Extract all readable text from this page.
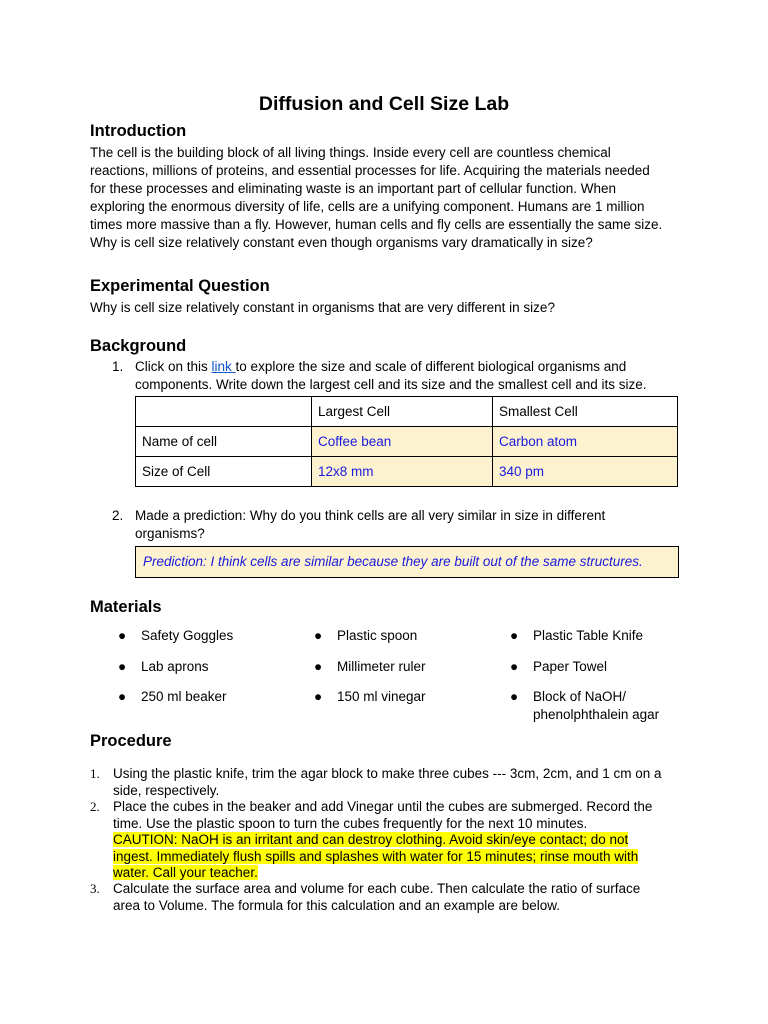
Diffusion and Cell Size Lab
Introduction
The cell is the building block of all living things. Inside every cell are countless chemical
reactions, millions of proteins, and essential processes for life. Acquiring the materials needed
for these processes and eliminating waste is an important part of cellular function. When
exploring the enormous diversity of life, cells are a unifying component. Humans are 1 million
times more massive than a fly. However, human cells and fly cells are essentially the same size.
Why is cell size relatively constant even though organisms vary dramatically in size?
Experimental Question
Why is cell size relatively constant in organisms that are very different in size?
Background
1. Click on this link to explore the size and scale of different biological organisms and
components. Write down the largest cell and its size and the smallest cell and its size.
	Largest Cell	Smallest Cell
Name of cell	Coffee bean	Carbon atom
Size of Cell	12x8 mm	340 pm
2. Made a prediction: Why do you think cells are all very similar in size in different
organisms?
Prediction: I think cells are similar because they are built out of the same structures.
Materials
● Safety Goggles
● Lab aprons
● 250 ml beaker
● Plastic spoon
● Millimeter ruler
● 150 ml vinegar
● Plastic Table Knife
● Paper Towel
● Block of NaOH/
phenolphthalein agar
Procedure
1. Using the plastic knife, trim the agar block to make three cubes --- 3cm, 2cm, and 1 cm on a
side, respectively.
2. Place the cubes in the beaker and add Vinegar until the cubes are submerged. Record the
time. Use the plastic spoon to turn the cubes frequently for the next 10 minutes.
CAUTION: NaOH is an irritant and can destroy clothing. Avoid skin/eye contact; do not
ingest. Immediately flush spills and splashes with water for 15 minutes; rinse mouth with
water. Call your teacher.
3. Calculate the surface area and volume for each cube. Then calculate the ratio of surface
area to Volume. The formula for this calculation and an example are below.
